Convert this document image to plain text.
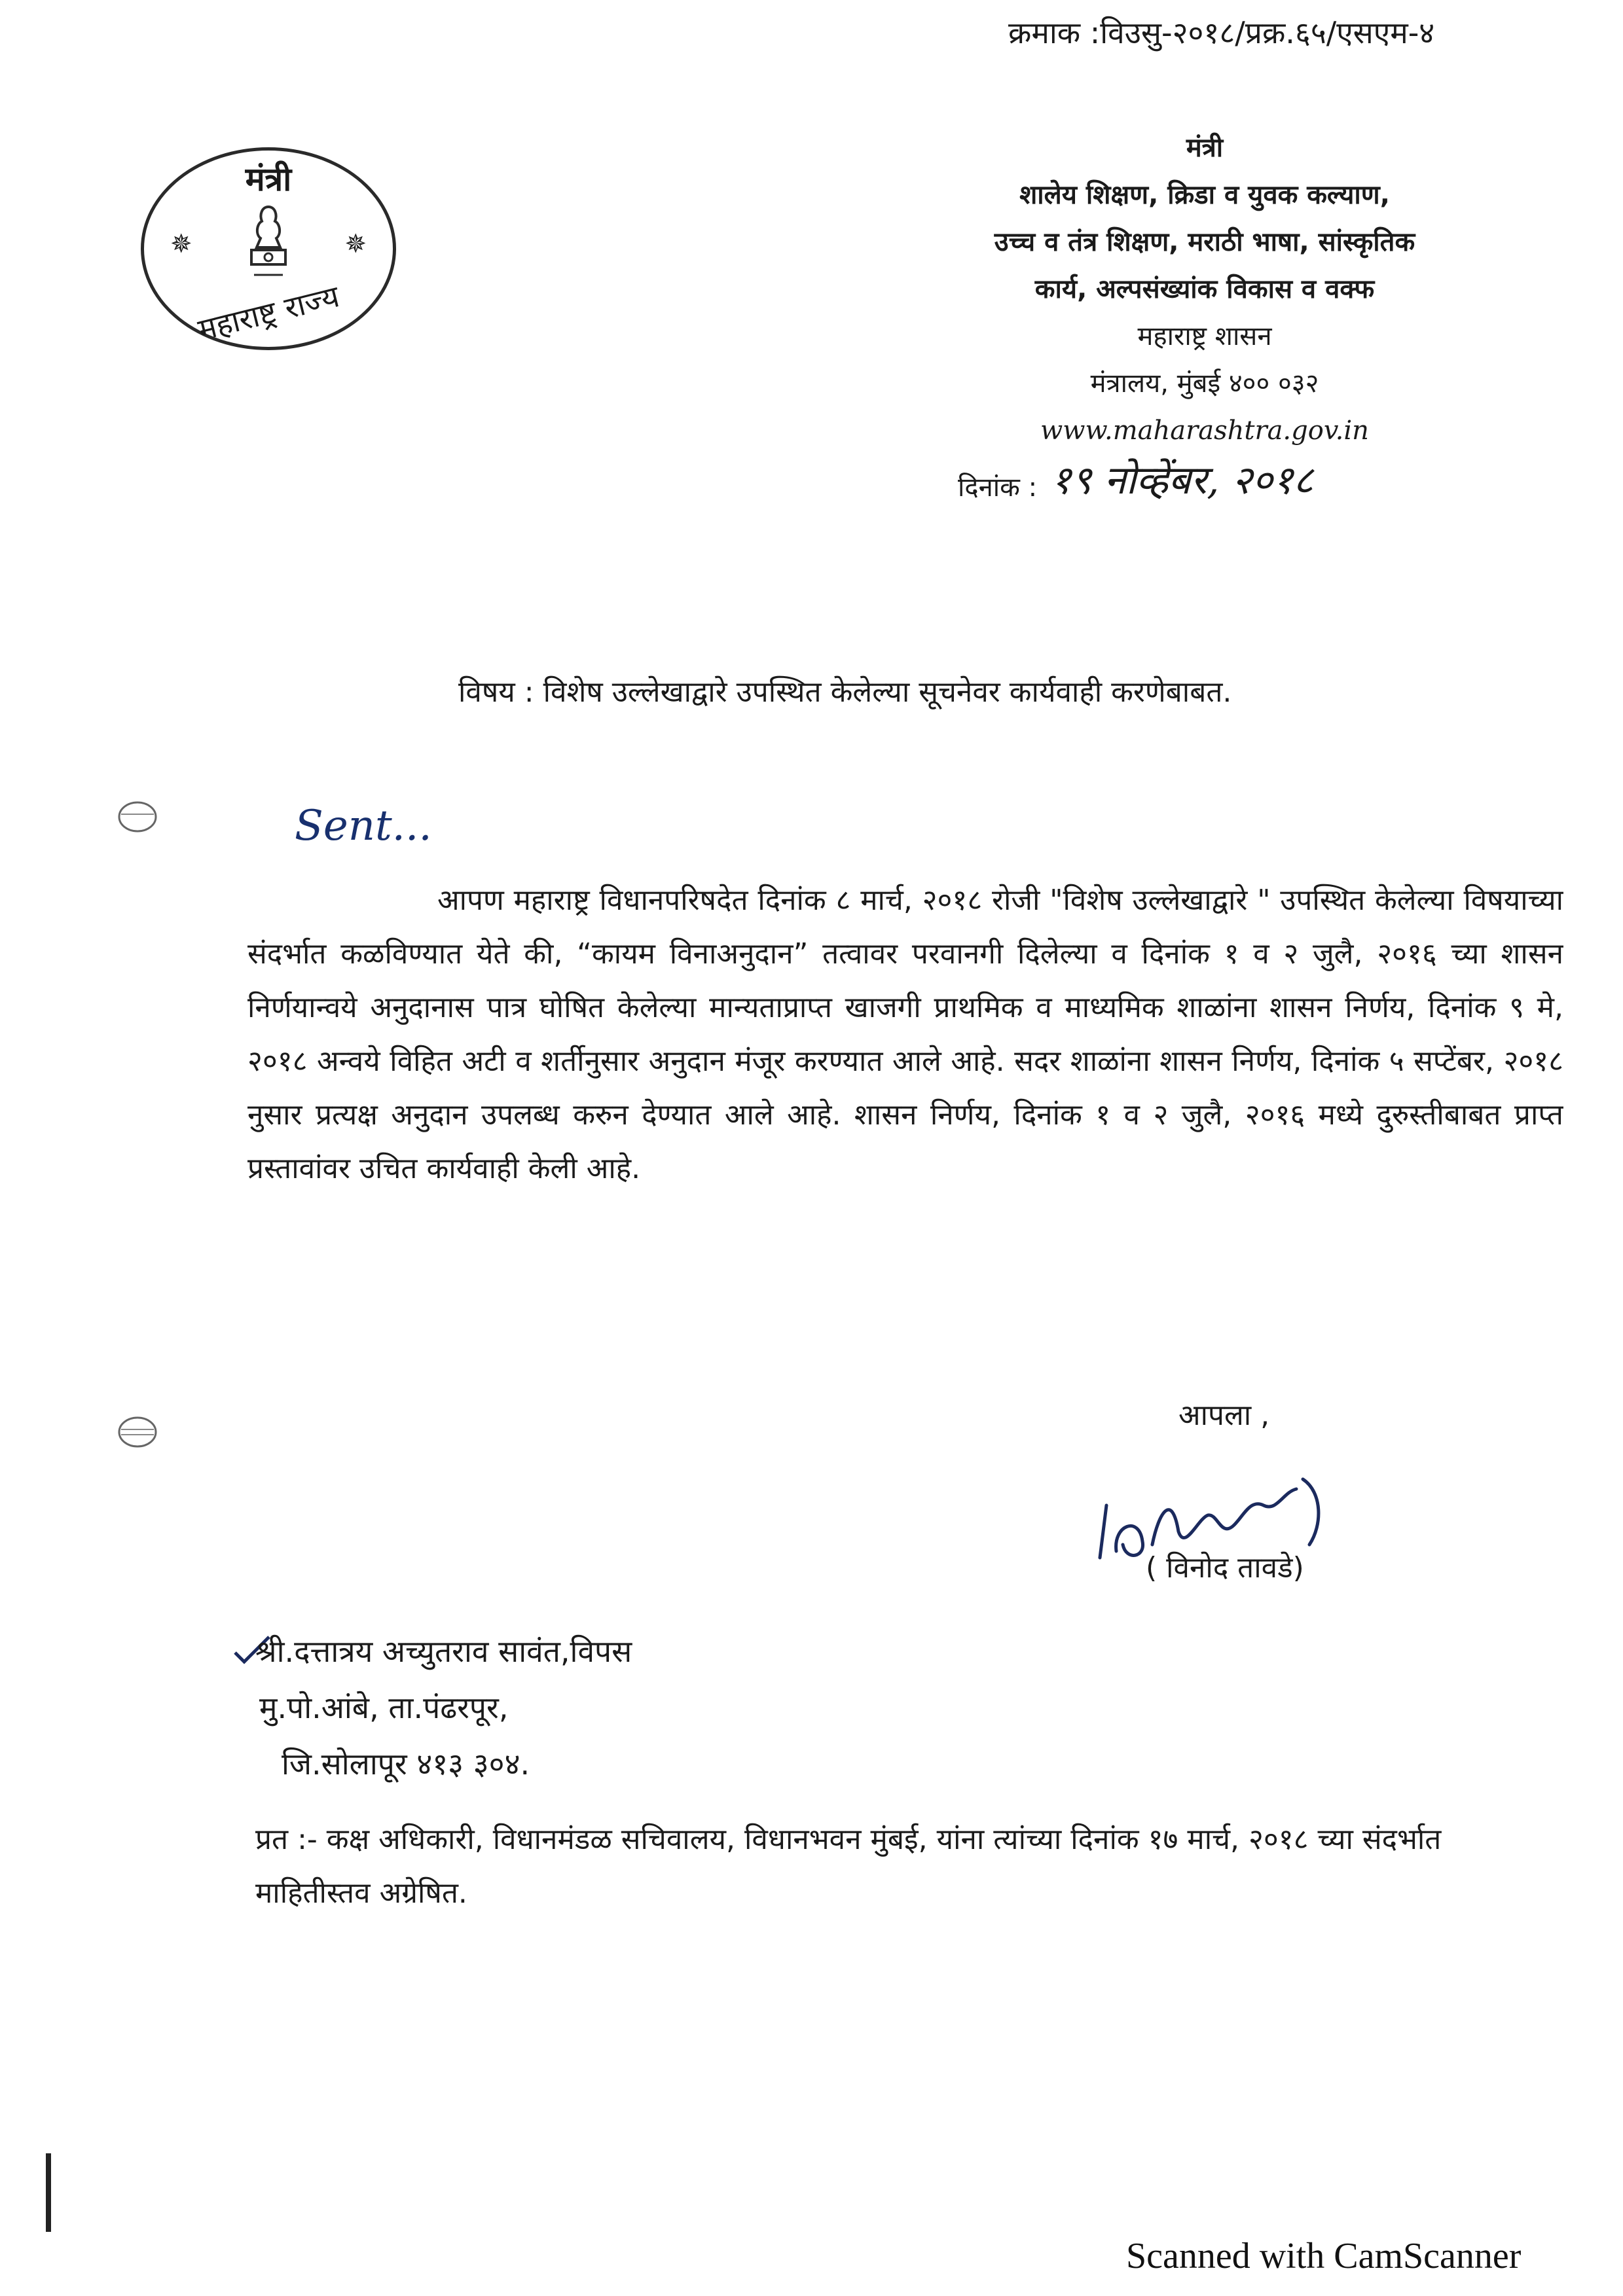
क्रमाक :विउसु-२०१८/प्रक्र.६५/एसएम-४
मंत्री
✵	✵
महाराष्ट्र राज्य
मंत्री
शालेय शिक्षण, क्रिडा व युवक कल्याण,
उच्च व तंत्र शिक्षण, मराठी भाषा, सांस्कृतिक
कार्य, अल्पसंख्यांक विकास व वक्फ
महाराष्ट्र शासन
मंत्रालय, मुंबई ४०० ०३२
www.maharashtra.gov.in
दिनांक : १९ नोव्हेंबर, २०१८
विषय : विशेष उल्लेखाद्वारे उपस्थित केलेल्या सूचनेवर कार्यवाही करणेबाबत.
Sent...

आपण महाराष्ट्र विधानपरिषदेत दिनांक ८ मार्च, २०१८ रोजी "विशेष उल्लेखाद्वारे " उपस्थित केलेल्या विषयाच्या संदर्भात कळविण्यात येते की, “कायम विनाअनुदान” तत्वावर परवानगी दिलेल्या व दिनांक १ व २ जुलै, २०१६ च्या शासन निर्णयान्वये अनुदानास पात्र घोषित केलेल्या मान्यताप्राप्त खाजगी प्राथमिक व माध्यमिक शाळांना शासन निर्णय, दिनांक ९ मे, २०१८ अन्वये विहित अटी व शर्तीनुसार अनुदान मंजूर करण्यात आले आहे. सदर शाळांना शासन निर्णय, दिनांक ५ सप्टेंबर, २०१८ नुसार प्रत्यक्ष अनुदान उपलब्ध करुन देण्यात आले आहे. शासन निर्णय, दिनांक १ व २ जुलै, २०१६ मध्ये दुरुस्तीबाबत प्राप्त प्रस्तावांवर उचित कार्यवाही केली आहे.

आपला ,
( विनोद तावडे)
श्री.दत्तात्रय अच्युतराव सावंत,विपस
मु.पो.आंबे, ता.पंढरपूर,
जि.सोलापूर ४१३ ३०४.
प्रत :- कक्ष अधिकारी, विधानमंडळ सचिवालय, विधानभवन मुंबई, यांना त्यांच्या दिनांक १७ मार्च, २०१८ च्या संदर्भात माहितीस्तव अग्रेषित.
Scanned with CamScanner
